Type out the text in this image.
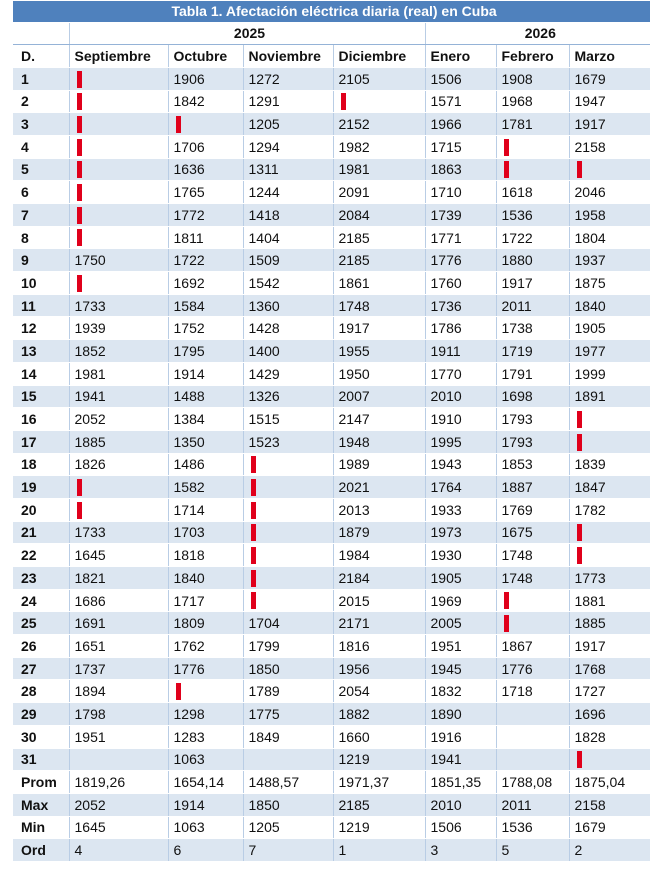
Tabla 1. Afectación eléctrica diaria (real) en Cuba							
	2025				2026		
D.	Septiembre	Octubre	Noviembre	Diciembre	Enero	Febrero	Marzo
1		1906	1272	2105	1506	1908	1679
2		1842	1291		1571	1968	1947
3			1205	2152	1966	1781	1917
4		1706	1294	1982	1715		2158
5		1636	1311	1981	1863		
6		1765	1244	2091	1710	1618	2046
7		1772	1418	2084	1739	1536	1958
8		1811	1404	2185	1771	1722	1804
9	1750	1722	1509	2185	1776	1880	1937
10		1692	1542	1861	1760	1917	1875
11	1733	1584	1360	1748	1736	2011	1840
12	1939	1752	1428	1917	1786	1738	1905
13	1852	1795	1400	1955	1911	1719	1977
14	1981	1914	1429	1950	1770	1791	1999
15	1941	1488	1326	2007	2010	1698	1891
16	2052	1384	1515	2147	1910	1793	
17	1885	1350	1523	1948	1995	1793	
18	1826	1486		1989	1943	1853	1839
19		1582		2021	1764	1887	1847
20		1714		2013	1933	1769	1782
21	1733	1703		1879	1973	1675	
22	1645	1818		1984	1930	1748	
23	1821	1840		2184	1905	1748	1773
24	1686	1717		2015	1969		1881
25	1691	1809	1704	2171	2005		1885
26	1651	1762	1799	1816	1951	1867	1917
27	1737	1776	1850	1956	1945	1776	1768
28	1894		1789	2054	1832	1718	1727
29	1798	1298	1775	1882	1890		1696
30	1951	1283	1849	1660	1916		1828
31		1063		1219	1941		
Prom	1819,26	1654,14	1488,57	1971,37	1851,35	1788,08	1875,04
Max	2052	1914	1850	2185	2010	2011	2158
Min	1645	1063	1205	1219	1506	1536	1679
Ord	4	6	7	1	3	5	2
